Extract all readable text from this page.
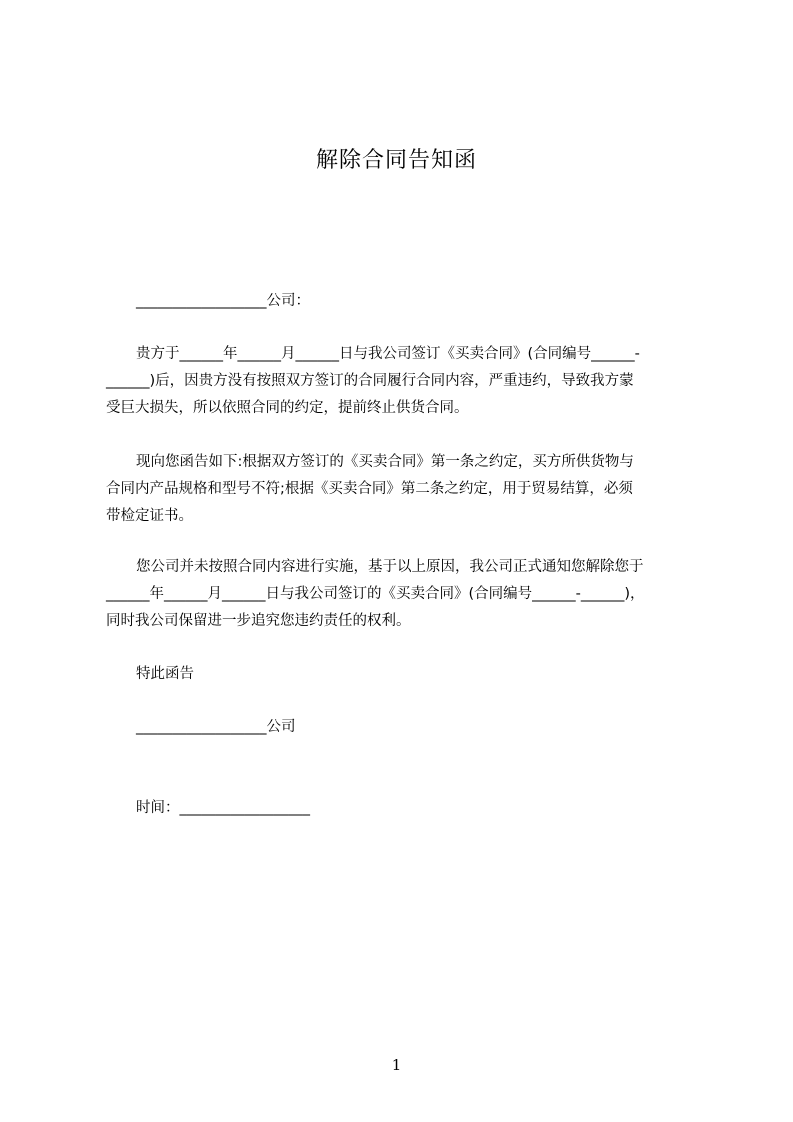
解除合同告知函
__________________公司：
贵方于______年______月______日与我公司签订《买卖合同》(合同编号______-
______)后，因贵方没有按照双方签订的合同履行合同内容，严重违约，导致我方蒙
受巨大损失，所以依照合同的约定，提前终止供货合同。
现向您函告如下:根据双方签订的《买卖合同》第一条之约定，买方所供货物与
合同内产品规格和型号不符;根据《买卖合同》第二条之约定，用于贸易结算，必须
带检定证书。
您公司并未按照合同内容进行实施，基于以上原因，我公司正式通知您解除您于
______年______月______日与我公司签订的《买卖合同》(合同编号______-______)，
同时我公司保留进一步追究您违约责任的权利。
特此函告
__________________公司
时间：__________________
1
